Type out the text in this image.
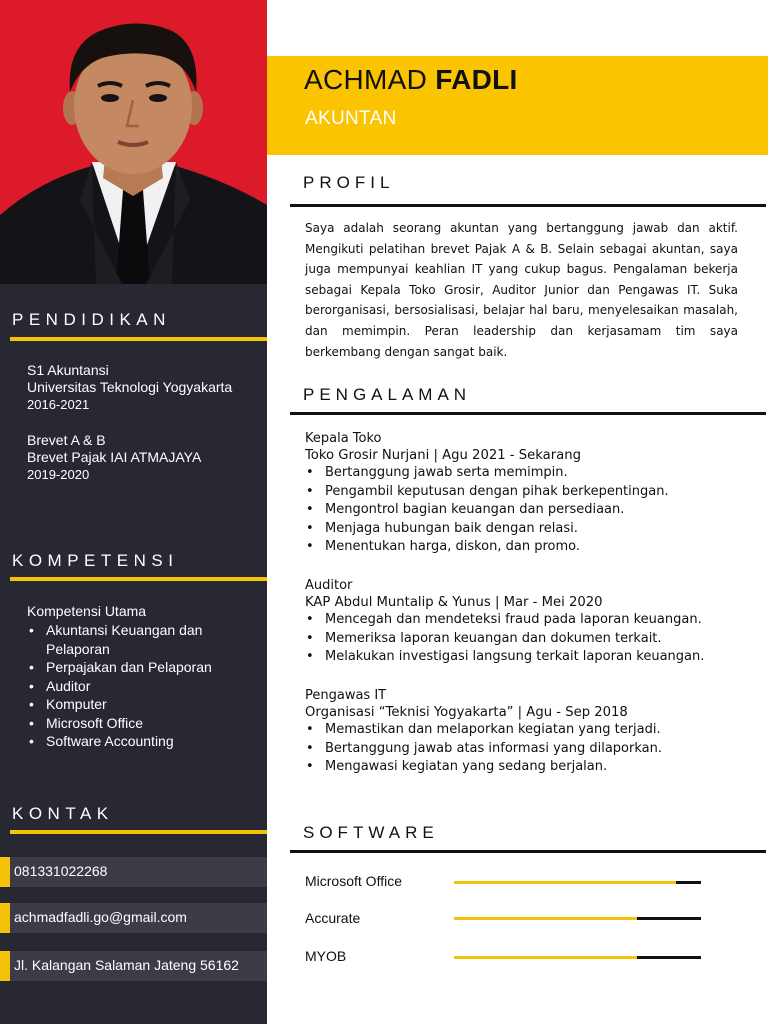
PENDIDIKAN
S1 Akuntansi
Universitas Teknologi Yogyakarta
2016-2021
Brevet A & B
Brevet Pajak IAI ATMAJAYA
2019-2020
KOMPETENSI
Kompetensi Utama
• Akuntansi Keuangan dan
Pelaporan
• Perpajakan dan Pelaporan
• Auditor
• Komputer
• Microsoft Office
• Software Accounting
KONTAK
081331022268
achmadfadli.go@gmail.com
Jl. Kalangan Salaman Jateng 56162
ACHMAD FADLI
AKUNTAN
PROFIL

Saya adalah seorang akuntan yang bertanggung jawab dan aktif. Mengikuti pelatihan brevet Pajak A & B. Selain sebagai akuntan, saya juga mempunyai keahlian IT yang cukup bagus. Pengalaman bekerja sebagai Kepala Toko Grosir, Auditor Junior dan Pengawas IT. Suka berorganisasi, bersosialisasi, belajar hal baru, menyelesaikan masalah, dan memimpin. Peran leadership dan kerjasamam tim saya berkembang dengan sangat baik.

PENGALAMAN
Kepala Toko
Toko Grosir Nurjani | Agu 2021 - Sekarang
• Bertanggung jawab serta memimpin.
• Pengambil keputusan dengan pihak berkepentingan.
• Mengontrol bagian keuangan dan persediaan.
• Menjaga hubungan baik dengan relasi.
• Menentukan harga, diskon, dan promo.
Auditor
KAP Abdul Muntalip & Yunus | Mar - Mei 2020
• Mencegah dan mendeteksi fraud pada laporan keuangan.
• Memeriksa laporan keuangan dan dokumen terkait.
• Melakukan investigasi langsung terkait laporan keuangan.
Pengawas IT
Organisasi “Teknisi Yogyakarta” | Agu - Sep 2018
• Memastikan dan melaporkan kegiatan yang terjadi.
• Bertanggung jawab atas informasi yang dilaporkan.
• Mengawasi kegiatan yang sedang berjalan.
SOFTWARE
Microsoft Office
Accurate
MYOB
